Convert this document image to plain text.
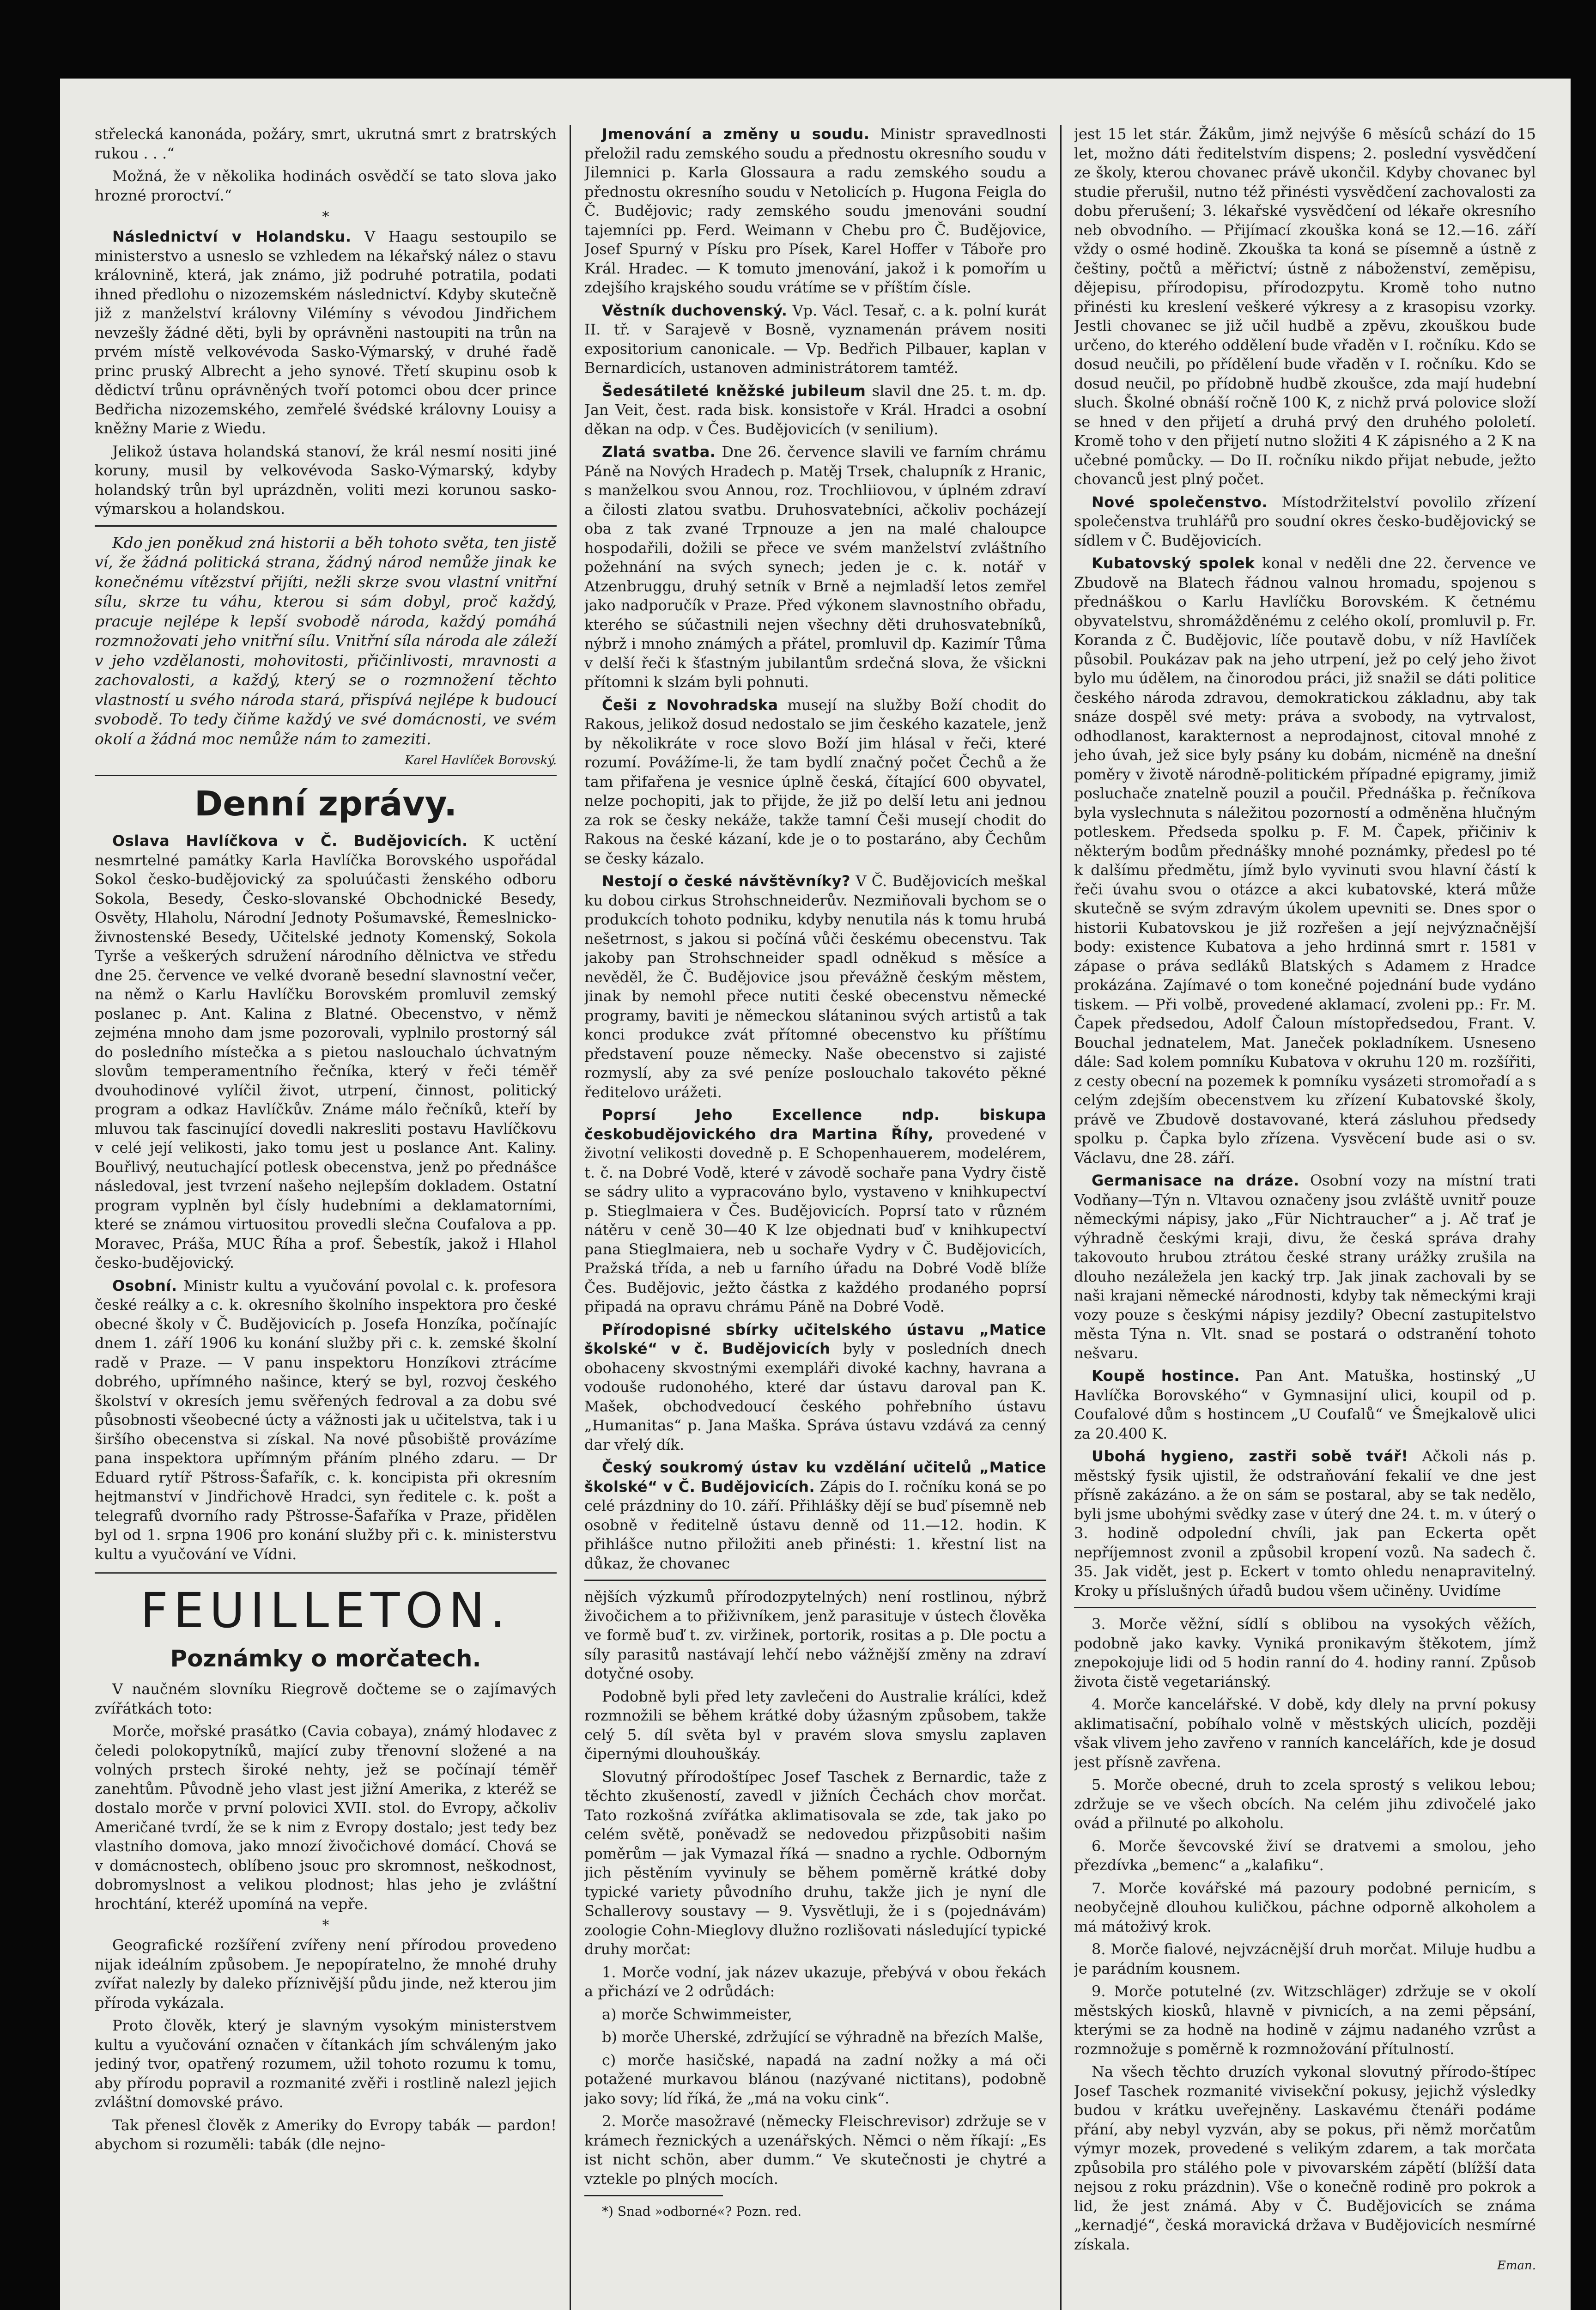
střelecká kanonáda, požáry, smrt, ukrutná smrt z bratrských rukou . . .“

Možná, že v několika hodinách osvědčí se tato slova jako hrozné proroctví.“

*

Následnictví v Holandsku. V Haagu sestoupilo se ministerstvo a usneslo se vzhledem na lékařský nález o stavu královnině, která, jak známo, již podruhé potratila, podati ihned předlohu o nizozemském následnictví. Kdyby skutečně již z manželství královny Vilémíny s vévodou Jindřichem nevzešly žádné děti, byli by oprávněni nastoupiti na trůn na prvém místě velkovévoda Sasko-Výmarský, v druhé řadě princ pruský Albrecht a jeho synové. Třetí skupinu osob k dědictví trůnu oprávněných tvoří potomci obou dcer prince Bedřicha nizozemského, zemřelé švédské královny Louisy a kněžny Marie z Wiedu.

Jelikož ústava holandská stanoví, že král nesmí nositi jiné koruny, musil by velkovévoda Sasko-Výmarský, kdyby holandský trůn byl uprázdněn, voliti mezi korunou sasko-výmarskou a holandskou.

Kdo jen poněkud zná historii a běh tohoto světa, ten jistě ví, že žádná politická strana, žádný národ nemůže jinak ke konečnému vítězství přijíti, nežli skrze svou vlastní vnitřní sílu, skrze tu váhu, kterou si sám dobyl, proč každý, pracuje nejlépe k lepší svobodě národa, každý pomáhá rozmnožovati jeho vnitřní sílu. Vnitřní síla národa ale záleží v jeho vzdělanosti, mohovitosti, přičinlivosti, mravnosti a zachovalosti, a každý, který se o rozmnožení těchto vlastností u svého národa stará, přispívá nejlépe k budoucí svobodě. To tedy čiňme každý ve své domácnosti, ve svém okolí a žádná moc nemůže nám to zameziti.

Karel Havlíček Borovský.
Denní zprávy.

Oslava Havlíčkova v Č. Budějovicích. K uctění nesmrtelné památky Karla Havlíčka Borovského uspořádal Sokol česko-budějovický za spoluúčasti ženského odboru Sokola, Besedy, Česko-slovanské Obchodnické Besedy, Osvěty, Hlaholu, Národní Jednoty Pošumavské, Řemeslnicko-živnostenské Besedy, Učitelské jednoty Komenský, Sokola Tyrše a veškerých sdružení národního dělnictva ve středu dne 25. července ve velké dvoraně besední slavnostní večer, na němž o Karlu Havlíčku Borovském promluvil zemský poslanec p. Ant. Kalina z Blatné. Obecenstvo, v němž zejména mnoho dam jsme pozorovali, vyplnilo prostorný sál do posledního místečka a s pietou naslouchalo úchvatným slovům temperamentního řečníka, který v řeči téměř dvouhodinové vylíčil život, utrpení, činnost, politický program a odkaz Havlíčkův. Známe málo řečníků, kteří by mluvou tak fascinující dovedli nakresliti postavu Havlíčkovu v celé její velikosti, jako tomu jest u poslance Ant. Kaliny. Bouřlivý, neutuchající potlesk obecenstva, jenž po přednášce následoval, jest tvrzení našeho nejlepším dokladem. Ostatní program vyplněn byl čísly hudebními a deklamatorními, které se známou virtuositou provedli slečna Coufalova a pp. Moravec, Práša, MUC Říha a prof. Šebestík, jakož i Hlahol česko-budějovický.

Osobní. Ministr kultu a vyučování povolal c. k. profesora české reálky a c. k. okresního školního inspektora pro české obecné školy v Č. Budějovicích p. Josefa Honzíka, počínajíc dnem 1. září 1906 ku konání služby při c. k. zemské školní radě v Praze. — V panu inspektoru Honzíkovi ztrácíme dobrého, upřímného našince, který se byl, rozvoj českého školství v okresích jemu svěřených fedroval a za dobu své působnosti všeobecné úcty a vážnosti jak u učitelstva, tak i u širšího obecenstva si získal. Na nové působiště provázíme pana inspektora upřímným přáním plného zdaru. — Dr Eduard rytíř Pštross-Šafařík, c. k. koncipista při okresním hejtmanství v Jindřichově Hradci, syn ředitele c. k. pošt a telegrafů dvorního rady Pštrosse-Šafaříka v Praze, přidělen byl od 1. srpna 1906 pro konání služby při c. k. ministerstvu kultu a vyučování ve Vídni.

FEUILLETON.
Poznámky o morčatech.

V naučném slovníku Riegrově dočteme se o zajímavých zvířátkách toto:

Morče, mořské prasátko (Cavia cobaya), známý hlodavec z čeledi polokopytníků, mající zuby třenovní složené a na volných prstech široké nehty, jež se počínají téměř zanehtům. Původně jeho vlast jest jižní Amerika, z kteréž se dostalo morče v první polovici XVII. stol. do Evropy, ačkoliv Američané tvrdí, že se k nim z Evropy dostalo; jest tedy bez vlastního domova, jako mnozí živočichové domácí. Chová se v domácnostech, oblíbeno jsouc pro skromnost, neškodnost, dobromyslnost a velikou plodnost; hlas jeho je zvláštní hrochtání, kteréž upomíná na vepře.

*

Geografické rozšíření zvířeny není přírodou provedeno nijak ideálním způsobem. Je nepopíratelno, že mnohé druhy zvířat nalezly by daleko příznivější půdu jinde, než kterou jim příroda vykázala.

Proto člověk, který je slavným vysokým ministerstvem kultu a vyučování označen v čítankách jím schváleným jako jediný tvor, opatřený rozumem, užil tohoto rozumu k tomu, aby přírodu popravil a rozmanité zvěři i rostlině nalezl jejich zvláštní domovské právo.

Tak přenesl člověk z Ameriky do Evropy tabák — pardon! abychom si rozuměli: tabák (dle nejno-

Jmenování a změny u soudu. Ministr spravedlnosti přeložil radu zemského soudu a přednostu okresního soudu v Jilemnici p. Karla Glossaura a radu zemského soudu a přednostu okresního soudu v Netolicích p. Hugona Feigla do Č. Budějovic; rady zemského soudu jmenováni soudní tajemníci pp. Ferd. Weimann v Chebu pro Č. Budějovice, Josef Spurný v Písku pro Písek, Karel Hoffer v Táboře pro Král. Hradec. — K tomuto jmenování, jakož i k pomořím u zdejšího krajského soudu vrátíme se v příštím čísle.

Věstník duchovenský. Vp. Václ. Tesař, c. a k. polní kurát II. tř. v Sarajevě v Bosně, vyznamenán právem nositi expositorium canonicale. — Vp. Bedřich Pilbauer, kaplan v Bernardicích, ustanoven administrátorem tamtéž.

Šedesátileté kněžské jubileum slavil dne 25. t. m. dp. Jan Veit, čest. rada bisk. konsistoře v Král. Hradci a osobní děkan na odp. v Čes. Budějovicích (v senilium).

Zlatá svatba. Dne 26. července slavili ve farním chrámu Páně na Nových Hradech p. Matěj Trsek, chalupník z Hranic, s manželkou svou Annou, roz. Trochliiovou, v úplném zdraví a čilosti zlatou svatbu. Druhosvatebníci, ačkoliv pocházejí oba z tak zvané Trpnouze a jen na malé chaloupce hospodařili, dožili se přece ve svém manželství zvláštního požehnání na svých synech; jeden je c. k. notář v Atzenbruggu, druhý setník v Brně a nejmladší letos zemřel jako nadporučík v Praze. Před výkonem slavnostního obřadu, kterého se súčastnili nejen všechny děti druhosvatebníků, nýbrž i mnoho známých a přátel, promluvil dp. Kazimír Tůma v delší řeči k šťastným jubilantům srdečná slova, že všickni přítomni k slzám byli pohnuti.

Češi z Novohradska musejí na služby Boží chodit do Rakous, jelikož dosud nedostalo se jim českého kazatele, jenž by několikráte v roce slovo Boží jim hlásal v řeči, které rozumí. Povážíme-li, že tam bydlí značný počet Čechů a že tam přifařena je vesnice úplně česká, čítající 600 obyvatel, nelze pochopiti, jak to přijde, že již po delší letu ani jednou za rok se česky nekáže, takže tamní Češi musejí chodit do Rakous na české kázaní, kde je o to postaráno, aby Čechům se česky kázalo.

Nestojí o české návštěvníky? V Č. Budějovicích meškal ku dobou cirkus Strohschneiderův. Nezmiňovali bychom se o produkcích tohoto podniku, kdyby nenutila nás k tomu hrubá nešetrnost, s jakou si počíná vůči českému obecenstvu. Tak jakoby pan Strohschneider spadl odněkud s měsíce a nevěděl, že Č. Budějovice jsou převážně českým městem, jinak by nemohl přece nutiti české obecenstvu německé programy, baviti je německou slátaninou svých artistů a tak konci produkce zvát přítomné obecenstvo ku příštímu představení pouze německy. Naše obecenstvo si zajisté rozmyslí, aby za své peníze poslouchalo takovéto pěkné ředitelovo urážeti.

Poprsí Jeho Excellence ndp. biskupa českobudějovického dra Martina Říhy, provedené v životní velikosti dovedně p. E Schopenhauerem, modelérem, t. č. na Dobré Vodě, které v závodě sochaře pana Vydry čistě se sádry ulito a vypracováno bylo, vystaveno v knihkupectví p. Stieglmaiera v Čes. Budějovicích. Poprsí tato v různém nátěru v ceně 30—40 K lze objednati buď v knihkupectví pana Stieglmaiera, neb u sochaře Vydry v Č. Budějovicích, Pražská třída, a neb u farního úřadu na Dobré Vodě blíže Čes. Budějovic, ježto částka z každého prodaného poprsí připadá na opravu chrámu Páně na Dobré Vodě.

Přírodopisné sbírky učitelského ústavu „Matice školské“ v č. Budějovicích byly v posledních dnech obohaceny skvostnými exempláři divoké kachny, havrana a vodouše rudonohého, které dar ústavu daroval pan K. Mašek, obchodvedoucí českého pohřebního ústavu „Humanitas“ p. Jana Maška. Správa ústavu vzdává za cenný dar vřelý dík.

Český soukromý ústav ku vzdělání učitelů „Matice školské“ v Č. Budějovicích. Zápis do I. ročníku koná se po celé prázdniny do 10. září. Přihlášky dějí se buď písemně neb osobně v ředitelně ústavu denně od 11.—12. hodin. K přihlášce nutno přiložiti aneb přinésti: 1. křestní list na důkaz, že chovanec

nějších výzkumů přírodozpytelných) není rostlinou, nýbrž živočichem a to přiživníkem, jenž parasituje v ústech člověka ve formě buď t. zv. viržinek, portorik, rositas a p. Dle poctu a síly parasitů nastávají lehčí nebo vážnější změny na zdraví dotyčné osoby.

Podobně byli před lety zavlečeni do Australie králíci, kdež rozmnožili se během krátké doby úžasným způsobem, takže celý 5. díl světa byl v pravém slova smyslu zaplaven čipernými dlouhouškáy.

Slovutný přírodoštípec Josef Taschek z Bernardic, taže z těchto zkušeností, zavedl v jižních Čechách chov morčat. Tato rozkošná zvířátka aklimatisovala se zde, tak jako po celém světě, poněvadž se nedovedou přizpůsobiti našim poměrům — jak Vymazal říká — snadno a rychle. Odborným jich pěstěním vyvinuly se během poměrně krátké doby typické variety původního druhu, takže jich je nyní dle Schallerovy soustavy — 9. Vysvětluji, že i s (pojednávám) zoologie Cohn-Mieglovy dlužno rozlišovati následující typické druhy morčat:

1. Morče vodní, jak název ukazuje, přebývá v obou řekách a přichází ve 2 odrůdách:

a) morče Schwimmeister,

b) morče Uherské, zdržující se výhradně na březích Malše,

c) morče hasičské, napadá na zadní nožky a má oči potažené murkavou blánou (nazývané nictitans), podobně jako sovy; líd říká, že „má na voku cink“.

2. Morče masožravé (německy Fleischrevisor) zdržuje se v krámech řeznických a uzenářských. Němci o něm říkají: „Es ist nicht schön, aber dumm.“ Ve skutečnosti je chytré a vztekle po plných mocích.

*) Snad »odborné«? Pozn. red.

jest 15 let stár. Žákům, jimž nejvýše 6 měsíců schází do 15 let, možno dáti ředitelstvím dispens; 2. poslední vysvědčení ze školy, kterou chovanec právě ukončil. Kdyby chovanec byl studie přerušil, nutno též přinésti vysvědčení zachovalosti za dobu přerušení; 3. lékařské vysvědčení od lékaře okresního neb obvodního. — Přijímací zkouška koná se 12.—16. září vždy o osmé hodině. Zkouška ta koná se písemně a ústně z češtiny, počtů a měřictví; ústně z náboženství, zeměpisu, dějepisu, přírodopisu, přírodozpytu. Kromě toho nutno přinésti ku kreslení veškeré výkresy a z krasopisu vzorky. Jestli chovanec se již učil hudbě a zpěvu, zkouškou bude určeno, do kterého oddělení bude vřaděn v I. ročníku. Kdo se dosud neučili, po přídělení bude vřaděn v I. ročníku. Kdo se dosud neučil, po přídobně hudbě zkoušce, zda mají hudební sluch. Školné obnáší ročně 100 K, z nichž prvá polovice složí se hned v den přijetí a druhá prvý den druhého pololetí. Kromě toho v den přijetí nutno složiti 4 K zápisného a 2 K na učebné pomůcky. — Do II. ročníku nikdo přijat nebude, ježto chovanců jest plný počet.

Nové společenstvo. Místodržitelství povolilo zřízení společenstva truhlářů pro soudní okres česko-budějovický se sídlem v Č. Budějovicích.

Kubatovský spolek konal v neděli dne 22. července ve Zbudově na Blatech řádnou valnou hromadu, spojenou s přednáškou o Karlu Havlíčku Borovském. K četnému obyvatelstvu, shromážděnému z celého okolí, promluvil p. Fr. Koranda z Č. Budějovic, líče poutavě dobu, v níž Havlíček působil. Poukázav pak na jeho utrpení, jež po celý jeho život bylo mu údělem, na činorodou práci, již snažil se dáti politice českého národa zdravou, demokratickou základnu, aby tak snáze dospěl své mety: práva a svobody, na vytrvalost, odhodlanost, karakternost a neprodajnost, citoval mnohé z jeho úvah, jež sice byly psány ku dobám, nicméně na dnešní poměry v životě národně-politickém případné epigramy, jimiž posluchače znatelně pouzil a poučil. Přednáška p. řečníkova byla vyslechnuta s náležitou pozorností a odměněna hlučným potleskem. Předseda spolku p. F. M. Čapek, přičiniv k některým bodům přednášky mnohé poznámky, předesl po té k dalšímu předmětu, jímž bylo vyvinuti svou hlavní částí k řeči úvahu svou o otázce a akci kubatovské, která může skutečně se svým zdravým úkolem upevniti se. Dnes spor o historii Kubatovskou je již rozřešen a její nejvýznačnější body: existence Kubatova a jeho hrdinná smrt r. 1581 v zápase o práva sedláků Blatských s Adamem z Hradce prokázána. Zajímavé o tom konečné pojednání bude vydáno tiskem. — Při volbě, provedené aklamací, zvoleni pp.: Fr. M. Čapek předsedou, Adolf Čaloun místopředsedou, Frant. V. Bouchal jednatelem, Mat. Janeček pokladníkem. Usneseno dále: Sad kolem pomníku Kubatova v okruhu 120 m. rozšířiti, z cesty obecní na pozemek k pomníku vysázeti stromořadí a s celým zdejším obecenstvem ku zřízení Kubatovské školy, právě ve Zbudově dostavované, která zásluhou předsedy spolku p. Čapka bylo zřízena. Vysvěcení bude asi o sv. Václavu, dne 28. září.

Germanisace na dráze. Osobní vozy na místní trati Vodňany—Týn n. Vltavou označeny jsou zvláště uvnitř pouze německými nápisy, jako „Für Nichtraucher“ a j. Ač trať je výhradně českými kraji, divu, že česká správa drahy takovouto hrubou ztrátou české strany urážky zrušila na dlouho nezáležela jen kacký trp. Jak jinak zachovali by se naši krajani německé národnosti, kdyby tak německými kraji vozy pouze s českými nápisy jezdily? Obecní zastupitelstvo města Týna n. Vlt. snad se postará o odstranění tohoto nešvaru.

Koupě hostince. Pan Ant. Matuška, hostinský „U Havlíčka Borovského“ v Gymnasijní ulici, koupil od p. Coufalové dům s hostincem „U Coufalů“ ve Šmejkalově ulici za 20.400 K.

Ubohá hygieno, zastři sobě tvář! Ačkoli nás p. městský fysik ujistil, že odstraňování fekalií ve dne jest přísně zakázáno. a že on sám se postaral, aby se tak nedělo, byli jsme ubohými svědky zase v úterý dne 24. t. m. v úterý o 3. hodině odpolední chvíli, jak pan Eckerta opět nepříjemnost zvonil a způsobil kropení vozů. Na sadech č. 35. Jak vidět, jest p. Eckert v tomto ohledu nenapravitelný. Kroky u příslušných úřadů budou všem učiněny. Uvidíme

3. Morče věžní, sídlí s oblibou na vysokých věžích, podobně jako kavky. Vyniká pronikavým štěkotem, jímž znepokojuje lidi od 5 hodin ranní do 4. hodiny ranní. Způsob života čistě vegetariánský.

4. Morče kancelářské. V době, kdy dlely na první pokusy aklimatisační, pobíhalo volně v městských ulicích, později však vlivem jeho zavřeno v ranních kancelářích, kde je dosud jest přísně zavřena.

5. Morče obecné, druh to zcela sprostý s velikou lebou; zdržuje se ve všech obcích. Na celém jihu zdivočelé jako ovád a přilnuté po alkoholu.

6. Morče ševcovské živí se dratvemi a smolou, jeho přezdívka „bemenc“ a „kalafiku“.

7. Morče kovářské má pazoury podobné pernicím, s neobyčejně dlouhou kuličkou, páchne odporně alkoholem a má mátoživý krok.

8. Morče fialové, nejvzácnější druh morčat. Miluje hudbu a je parádním kousnem.

9. Morče potutelné (zv. Witzschläger) zdržuje se v okolí městských kiosků, hlavně v pivnicích, a na zemi pěpsání, kterými se za hodně na hodině v zájmu nadaného vzrůst a rozmnožuje s poměrně k rozmnožování přítulností.

Na všech těchto druzích vykonal slovutný přírodo-štípec Josef Taschek rozmanité vivisekční pokusy, jejichž výsledky budou v krátku uveřejněny. Laskavému čtenáři podáme přání, aby nebyl vyzván, aby se pokus, při němž morčatům výmyr mozek, provedené s velikým zdarem, a tak morčata způsobila pro stálého pole v pivovarském zápětí (blížší data nejsou z roku prázdnin). Vše o konečně rodině pro pokrok a lid, že jest známá. Aby v Č. Budějovicích se známa „kernadjé“, česká moravická država v Budějovicích nesmírné získala.

Eman.
